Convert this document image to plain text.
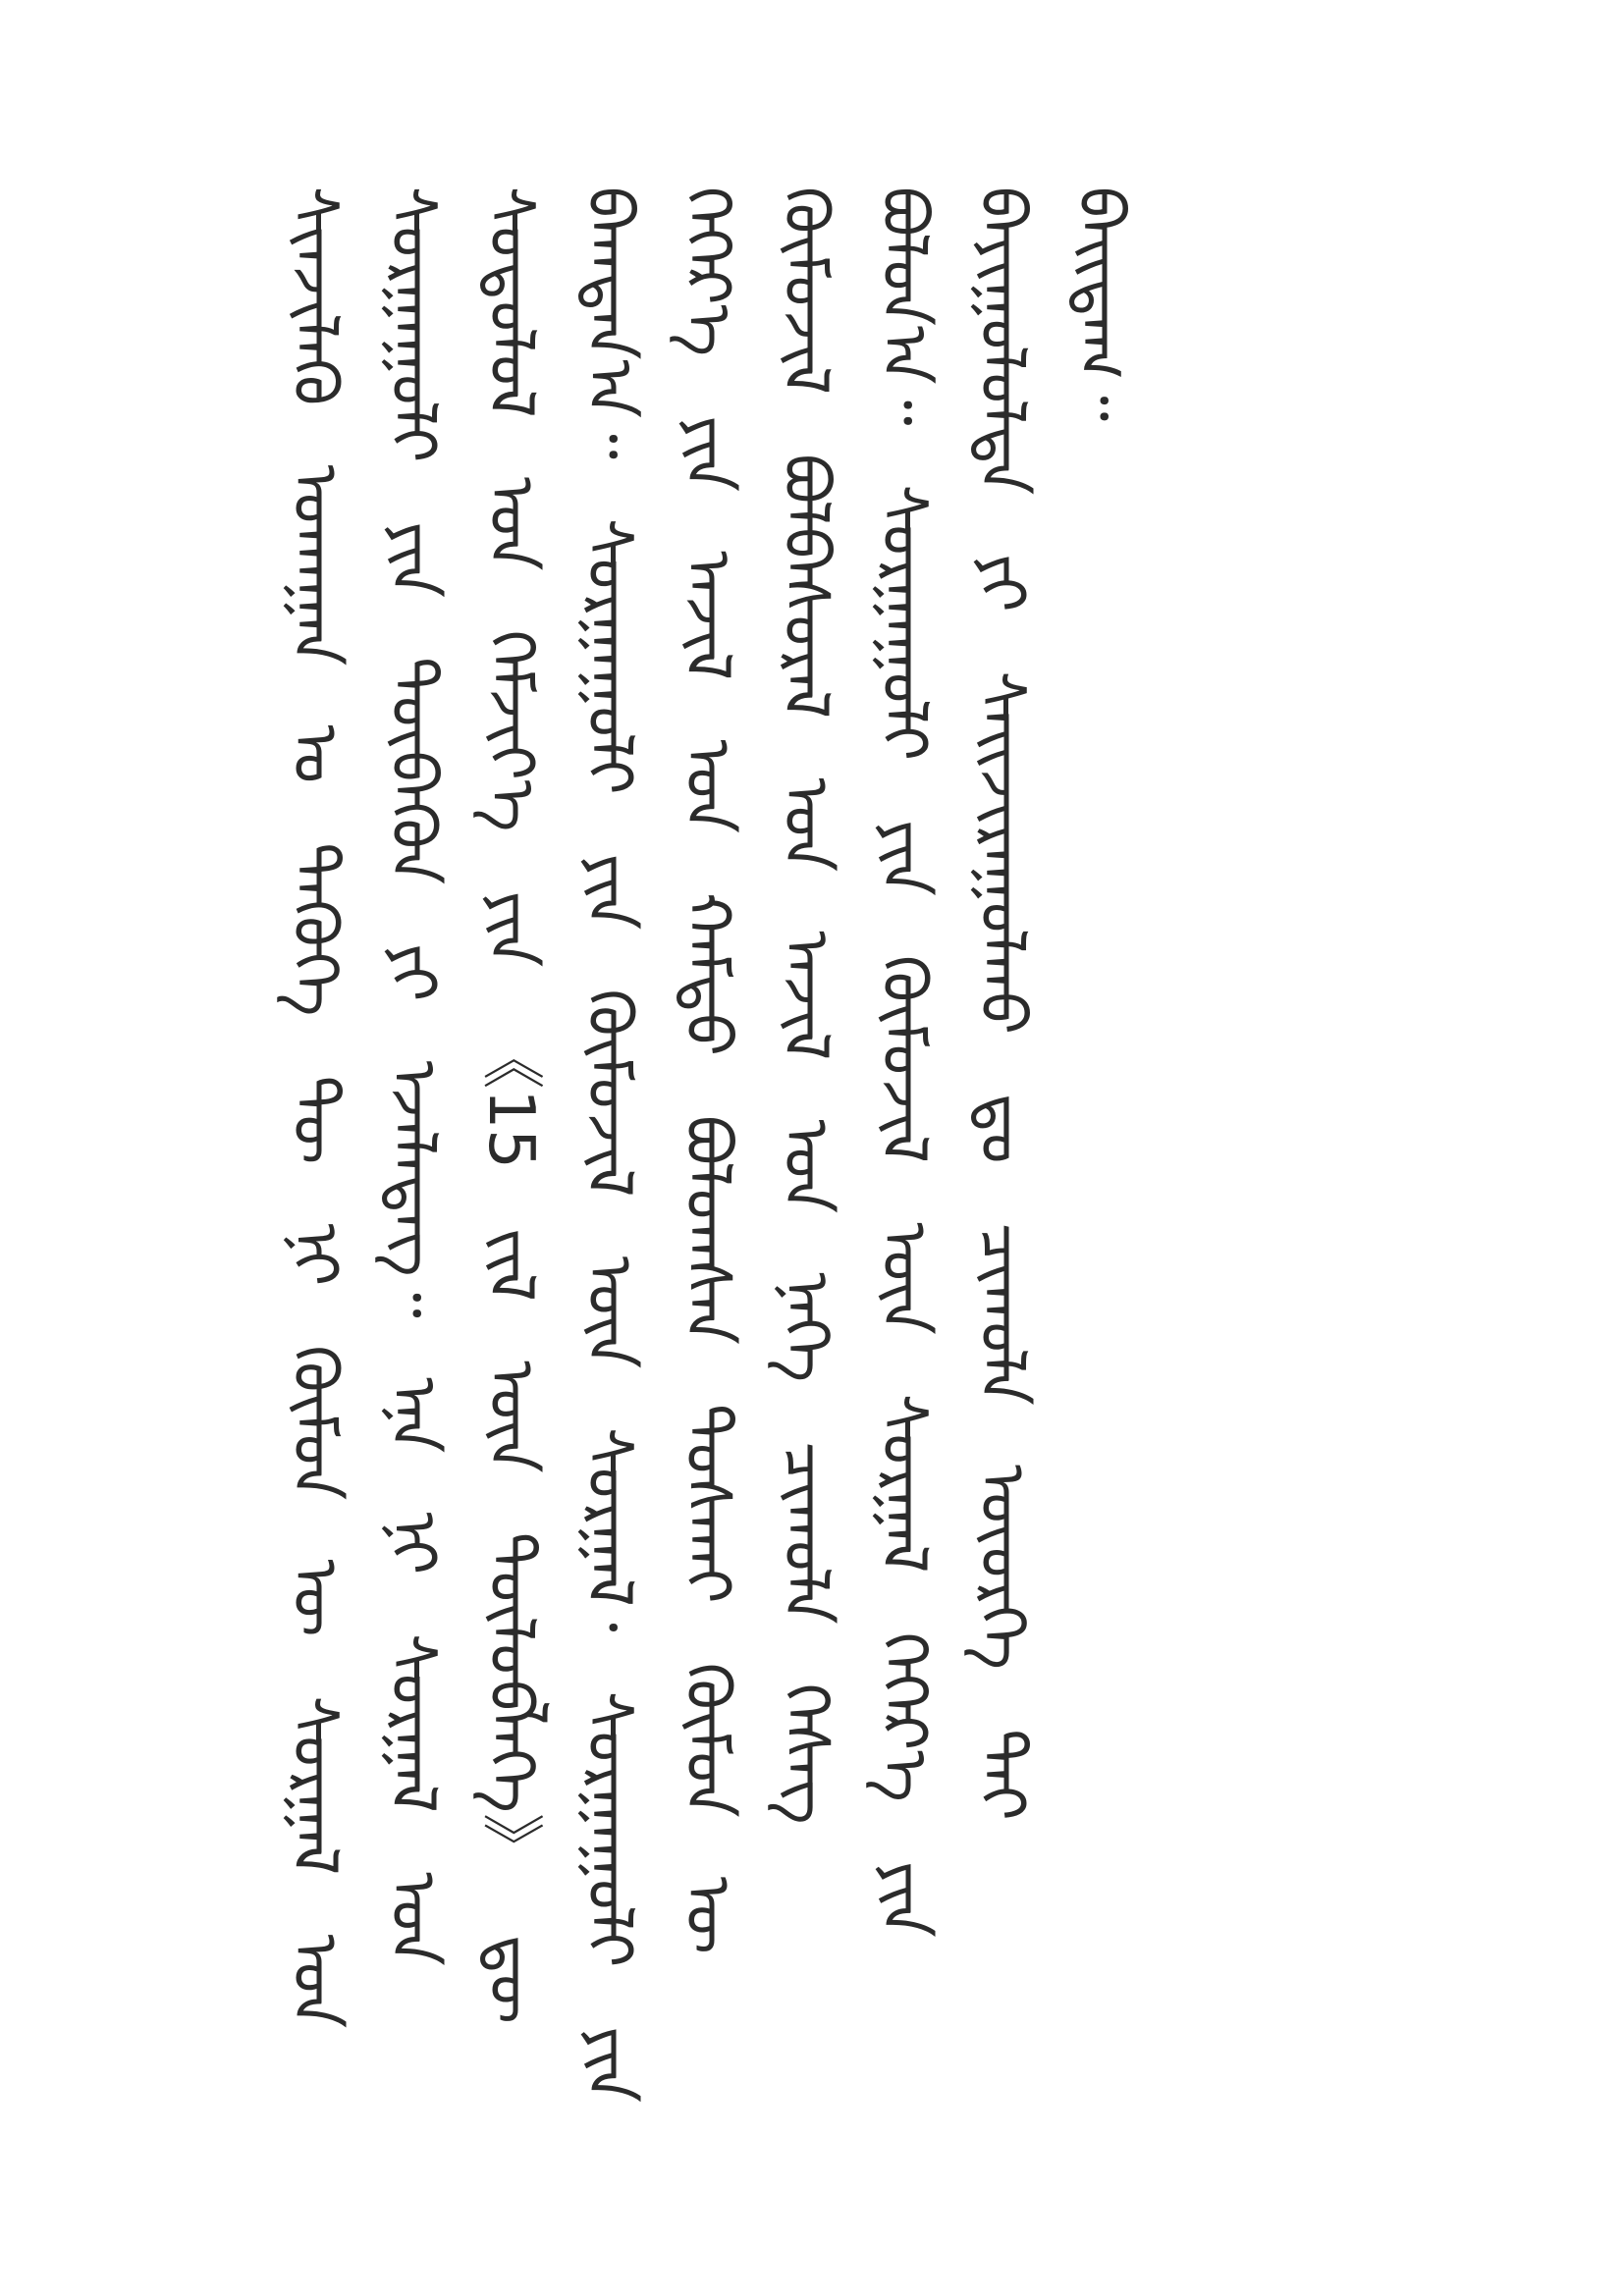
ᠰᠢᠨᠵᠢᠯᠡᠬᠦ ᠤᠬᠠᠭᠠᠨ ᠤ ᠲᠡᠬᠦᠬᠡ ᠲᠦ ᠨᠢ ᠬᠦᠮᠦᠨ ᠦ ᠰᠤᠷᠭᠠᠯ ᠤᠨ ᠰᠤᠷᠭᠠᠭᠤᠯᠢ ᠶᠢᠨ ᠲᠦᠪᠡᠭᠦᠨ ᠶᠢ ᠡᠵᠡᠯᠡᠳᠡᠭ᠃ ᠡᠨᠡ ᠨᠢ ᠰᠤᠷᠭᠠᠯ ᠤᠨ ᠰᠤᠳᠤᠯᠤᠯ ᠤᠨ ᠬᠡᠮᠵᠢᠶ᠎ᠡ ᠶᠢᠨ 《15 ᠵᠢᠯ ᠦᠨ ᠲᠦᠯᠦᠪᠯᠡᠭᠡ》 ᠳᠦ ᠪᠠᠭᠲᠠᠨ᠎ᠠ᠃ ᠰᠤᠷᠭᠠᠭᠤᠯᠢ ᠶᠢᠨ ᠬᠦᠮᠦᠵᠢᠯ ᠦᠨ ᠰᠤᠷᠭᠠᠯ᠂ ᠰᠤᠷᠭᠠᠭᠤᠯᠢ ᠶᠢᠨ ᠬᠡᠭᠡᠷ᠎ᠡ ᠶᠢᠨ ᠠᠵᠢᠯ ᠤᠨ ᠬᠠᠮᠲᠤ ᠪᠤᠯᠤᠭᠰᠠᠨ ᠲᠤᠰᠬᠠᠢ ᠬᠦᠮᠦᠨ ᠦ ᠬᠦᠮᠦᠵᠢᠯ ᠪᠣᠯᠪᠠᠰᠤᠷᠠᠯ ᠤᠨ ᠠᠵᠢᠯ ᠤᠨ ᠨᠡᠭᠡ ᠴᠢᠬᠤᠯᠠ ᠬᠡᠰᠡᠭ ᠪᠣᠯᠤᠨ᠎ᠠ᠃ ᠰᠤᠷᠭᠠᠭᠤᠯᠢ ᠶᠢᠨ ᠬᠦᠮᠦᠵᠢᠯ ᠦᠨ ᠰᠤᠷᠭᠠᠯ ᠬᠡᠭᠡᠷ᠎ᠡ ᠶᠢᠨ ᠪᠠᠶᠢᠭᠤᠯᠤᠯᠲᠠ ᠶᠢ ᠰᠠᠢᠵᠢᠷᠠᠭᠤᠯᠬᠤ ᠳᠤ ᠴᠢᠬᠤᠯᠠ ᠦᠦᠷᠭᠡ ᠲᠡᠢ ᠪᠠᠢᠳᠠᠭ᠃
